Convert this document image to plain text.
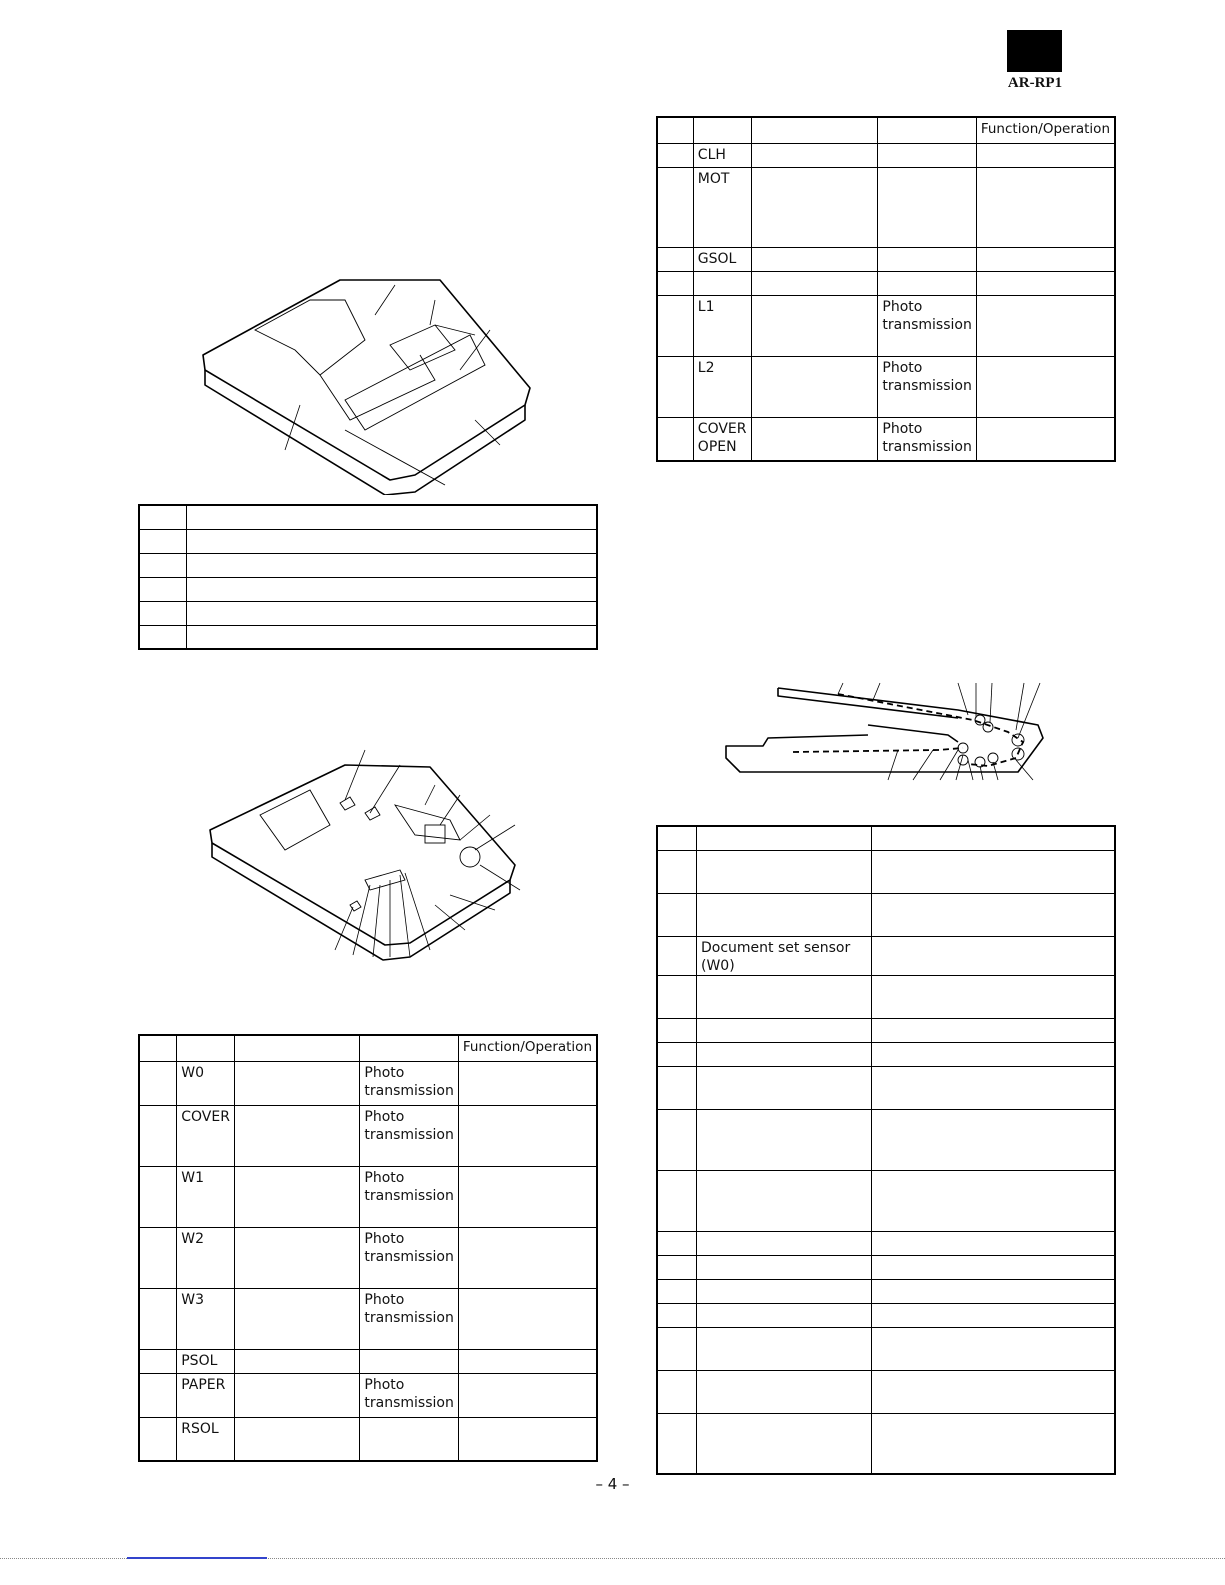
AR-RP1

				Function/Operation
	W0		Photo transmission	
	COVER		Photo transmission	
	W1		Photo transmission	
	W2		Photo transmission	
	W3		Photo transmission	
	PSOL			
	PAPER		Photo transmission	
	RSOL			
				Function/Operation
	CLH			
	MOT			
	GSOL			

	L1		Photo transmission	
	L2		Photo transmission	
	COVER OPEN		Photo transmission	

	Document set sensor (W0)	

– 4 –
